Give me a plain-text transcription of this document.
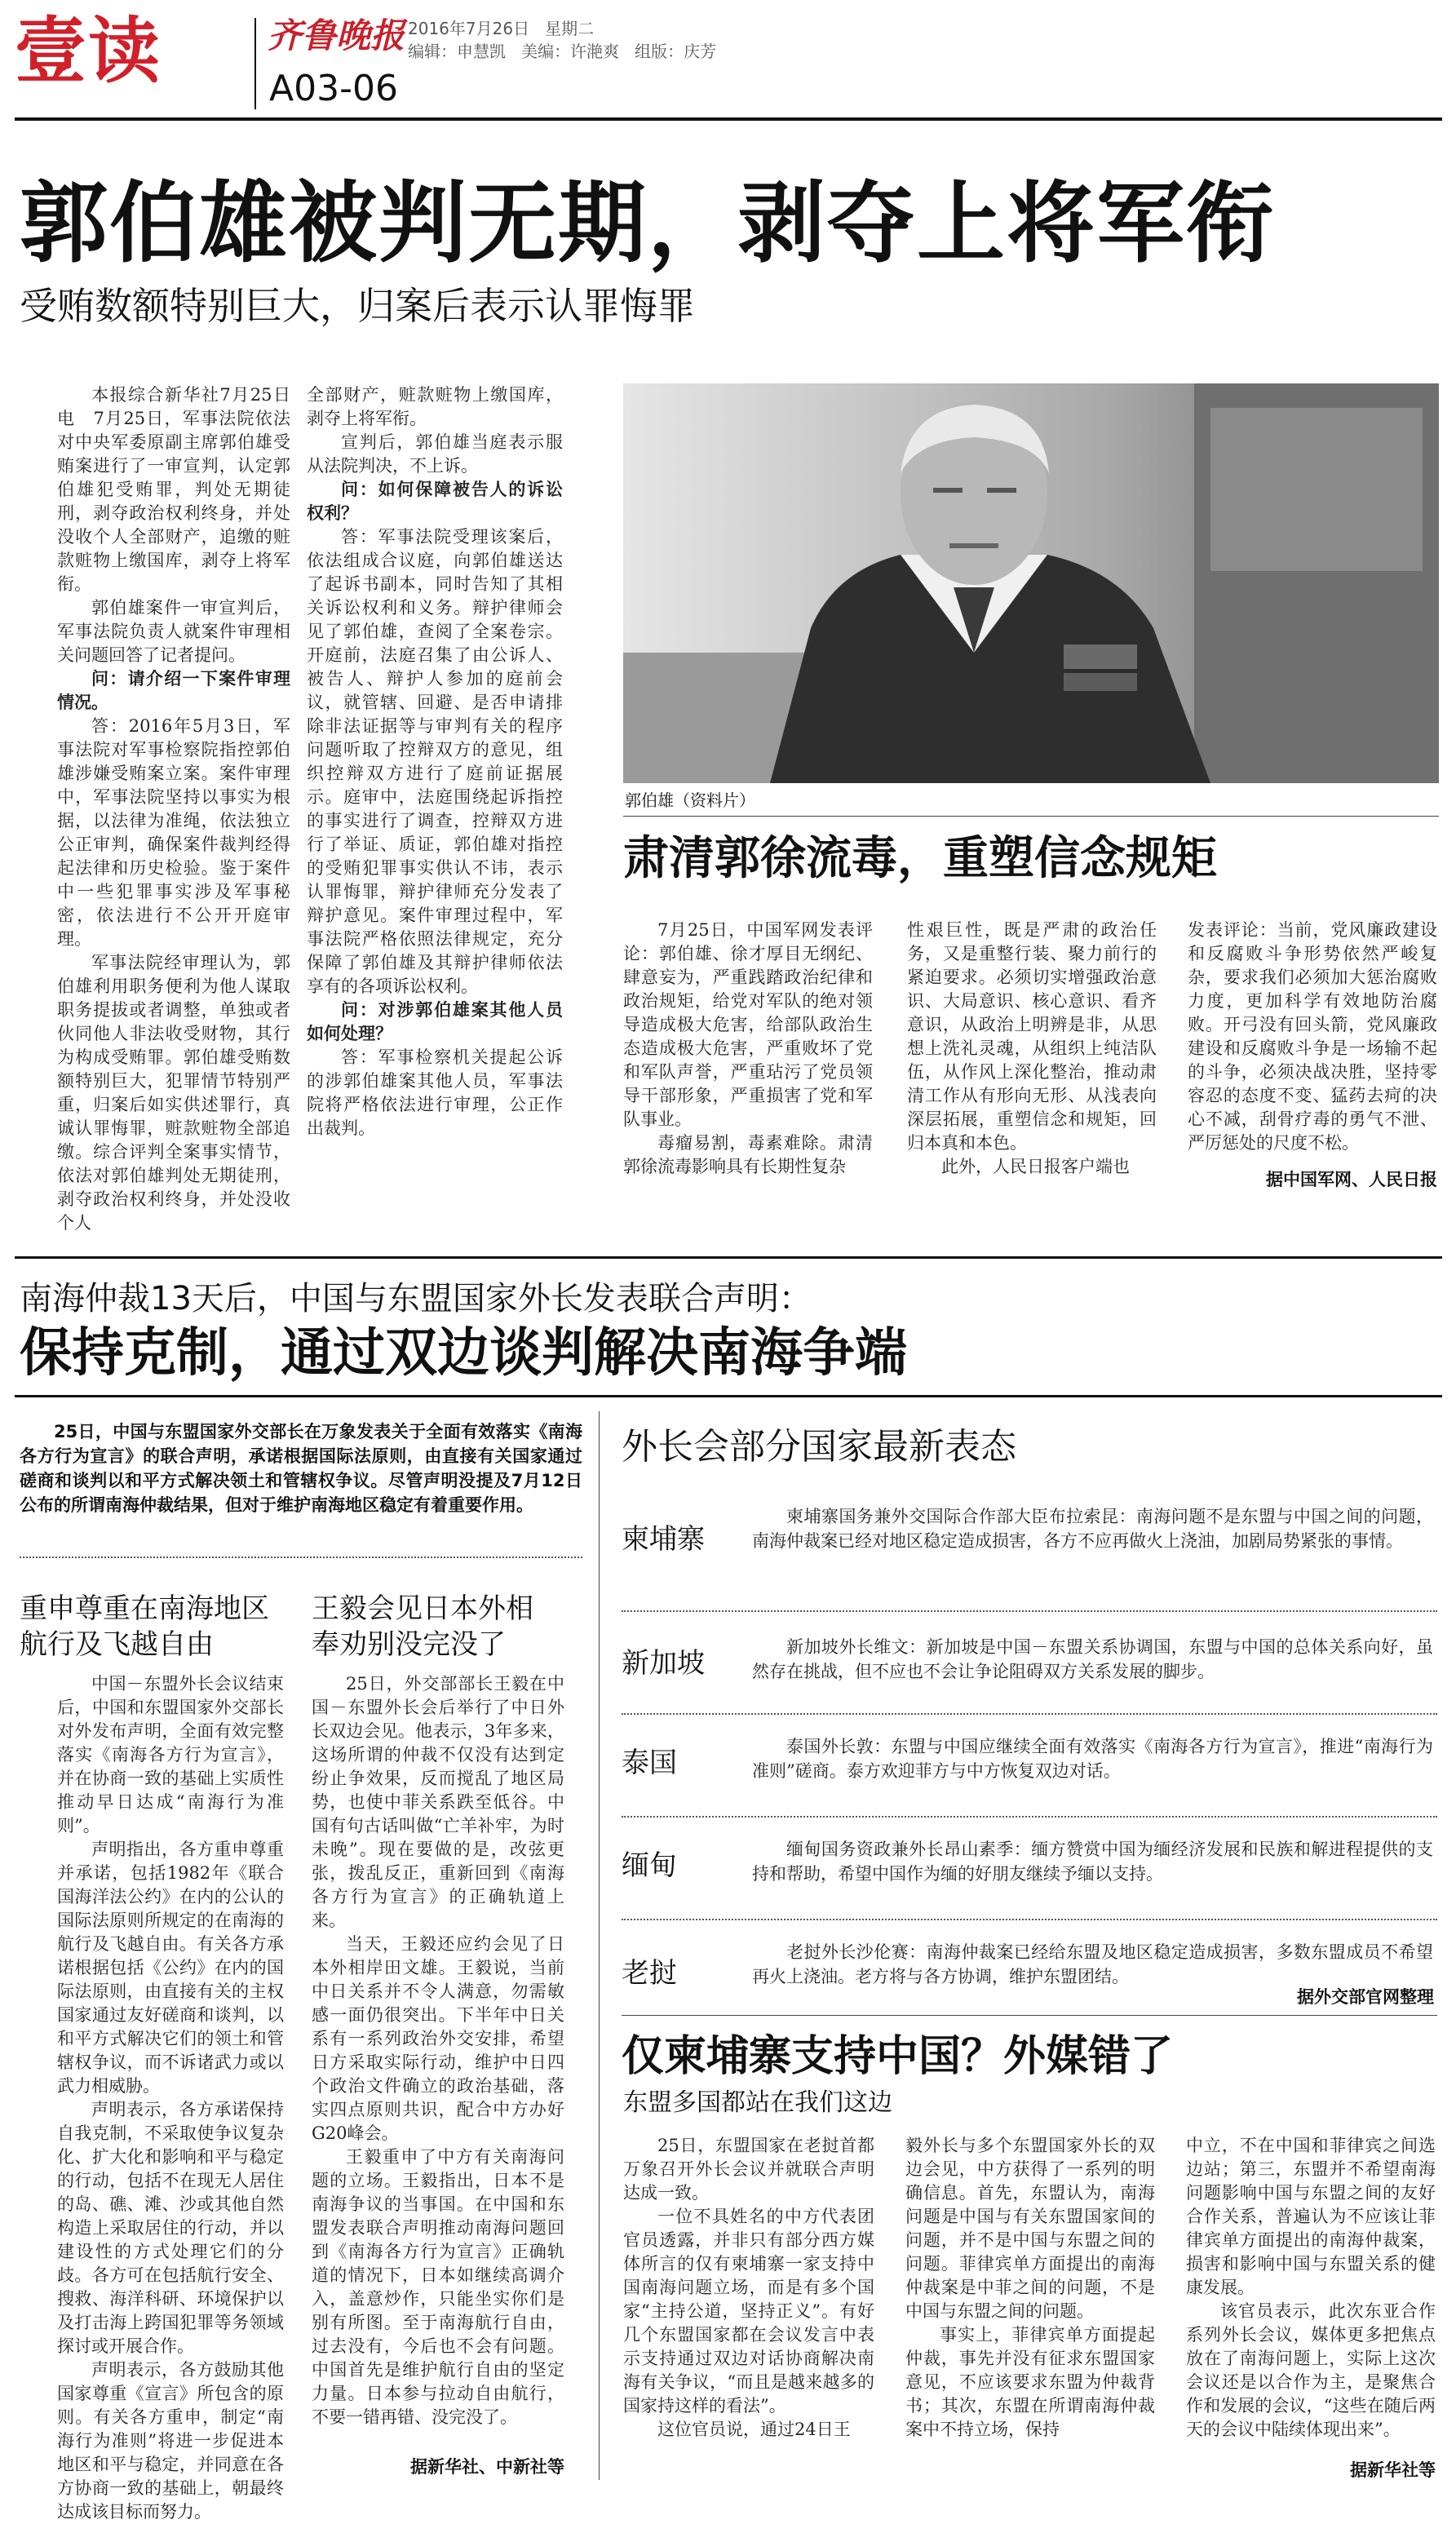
壹读	齐鲁晚报 2016年7月26日 星期二
编辑：申慧凯 美编：许滟爽 组版：庆芳
A03-06
郭伯雄被判无期，剥夺上将军衔
受贿数额特别巨大，归案后表示认罪悔罪

本报综合新华社7月25日电　7月25日，军事法院依法对中央军委原副主席郭伯雄受贿案进行了一审宣判，认定郭伯雄犯受贿罪，判处无期徒刑，剥夺政治权利终身，并处没收个人全部财产，追缴的赃款赃物上缴国库，剥夺上将军衔。

郭伯雄案件一审宣判后，军事法院负责人就案件审理相关问题回答了记者提问。

问：请介绍一下案件审理情况。

答：2016年5月3日，军事法院对军事检察院指控郭伯雄涉嫌受贿案立案。案件审理中，军事法院坚持以事实为根据，以法律为准绳，依法独立公正审判，确保案件裁判经得起法律和历史检验。鉴于案件中一些犯罪事实涉及军事秘密，依法进行不公开开庭审理。

军事法院经审理认为，郭伯雄利用职务便利为他人谋取职务提拔或者调整，单独或者伙同他人非法收受财物，其行为构成受贿罪。郭伯雄受贿数额特别巨大，犯罪情节特别严重，归案后如实供述罪行，真诚认罪悔罪，赃款赃物全部追缴。综合评判全案事实情节，依法对郭伯雄判处无期徒刑，剥夺政治权利终身，并处没收个人

全部财产，赃款赃物上缴国库，剥夺上将军衔。

宣判后，郭伯雄当庭表示服从法院判决，不上诉。

问：如何保障被告人的诉讼权利？

答：军事法院受理该案后，依法组成合议庭，向郭伯雄送达了起诉书副本，同时告知了其相关诉讼权利和义务。辩护律师会见了郭伯雄，查阅了全案卷宗。开庭前，法庭召集了由公诉人、被告人、辩护人参加的庭前会议，就管辖、回避、是否申请排除非法证据等与审判有关的程序问题听取了控辩双方的意见，组织控辩双方进行了庭前证据展示。庭审中，法庭围绕起诉指控的事实进行了调查，控辩双方进行了举证、质证，郭伯雄对指控的受贿犯罪事实供认不讳，表示认罪悔罪，辩护律师充分发表了辩护意见。案件审理过程中，军事法院严格依照法律规定，充分保障了郭伯雄及其辩护律师依法享有的各项诉讼权利。

问：对涉郭伯雄案其他人员如何处理？

答：军事检察机关提起公诉的涉郭伯雄案其他人员，军事法院将严格依法进行审理，公正作出裁判。

郭伯雄（资料片）
肃清郭徐流毒，重塑信念规矩

7月25日，中国军网发表评论：郭伯雄、徐才厚目无纲纪、肆意妄为，严重践踏政治纪律和政治规矩，给党对军队的绝对领导造成极大危害，给部队政治生态造成极大危害，严重败坏了党和军队声誉，严重玷污了党员领导干部形象，严重损害了党和军队事业。

毒瘤易割，毒素难除。肃清郭徐流毒影响具有长期性复杂

性艰巨性，既是严肃的政治任务，又是重整行装、聚力前行的紧迫要求。必须切实增强政治意识、大局意识、核心意识、看齐意识，从政治上明辨是非，从思想上洗礼灵魂，从组织上纯洁队伍，从作风上深化整治，推动肃清工作从有形向无形、从浅表向深层拓展，重塑信念和规矩，回归本真和本色。

此外，人民日报客户端也

发表评论：当前，党风廉政建设和反腐败斗争形势依然严峻复杂，要求我们必须加大惩治腐败力度，更加科学有效地防治腐败。开弓没有回头箭，党风廉政建设和反腐败斗争是一场输不起的斗争，必须决战决胜，坚持零容忍的态度不变、猛药去疴的决心不减，刮骨疗毒的勇气不泄、严厉惩处的尺度不松。

据中国军网、人民日报
南海仲裁13天后，中国与东盟国家外长发表联合声明：
保持克制，通过双边谈判解决南海争端
25日，中国与东盟国家外交部长在万象发表关于全面有效落实《南海各方行为宣言》的联合声明，承诺根据国际法原则，由直接有关国家通过磋商和谈判以和平方式解决领土和管辖权争议。尽管声明没提及7月12日公布的所谓南海仲裁结果，但对于维护南海地区稳定有着重要作用。
重申尊重在南海地区航行及飞越自由

中国－东盟外长会议结束后，中国和东盟国家外交部长对外发布声明，全面有效完整落实《南海各方行为宣言》，并在协商一致的基础上实质性推动早日达成“南海行为准则”。

声明指出，各方重申尊重并承诺，包括1982年《联合国海洋法公约》在内的公认的国际法原则所规定的在南海的航行及飞越自由。有关各方承诺根据包括《公约》在内的国际法原则，由直接有关的主权国家通过友好磋商和谈判，以和平方式解决它们的领土和管辖权争议，而不诉诸武力或以武力相威胁。

声明表示，各方承诺保持自我克制，不采取使争议复杂化、扩大化和影响和平与稳定的行动，包括不在现无人居住的岛、礁、滩、沙或其他自然构造上采取居住的行动，并以建设性的方式处理它们的分歧。各方可在包括航行安全、搜救、海洋科研、环境保护以及打击海上跨国犯罪等务领域探讨或开展合作。

声明表示，各方鼓励其他国家尊重《宣言》所包含的原则。有关各方重申，制定“南海行为准则”将进一步促进本地区和平与稳定，并同意在各方协商一致的基础上，朝最终达成该目标而努力。

王毅会见日本外相奉劝别没完没了

25日，外交部部长王毅在中国－东盟外长会后举行了中日外长双边会见。他表示，3年多来，这场所谓的仲裁不仅没有达到定纷止争效果，反而搅乱了地区局势，也使中菲关系跌至低谷。中国有句古话叫做“亡羊补牢，为时未晚”。现在要做的是，改弦更张，拨乱反正，重新回到《南海各方行为宣言》的正确轨道上来。

当天，王毅还应约会见了日本外相岸田文雄。王毅说，当前中日关系并不令人满意，勿需敏感一面仍很突出。下半年中日关系有一系列政治外交安排，希望日方采取实际行动，维护中日四个政治文件确立的政治基础，落实四点原则共识，配合中方办好G20峰会。

王毅重申了中方有关南海问题的立场。王毅指出，日本不是南海争议的当事国。在中国和东盟发表联合声明推动南海问题回到《南海各方行为宣言》正确轨道的情况下，日本如继续高调介入，盖意炒作，只能坐实你们是别有所图。至于南海航行自由，过去没有，今后也不会有问题。中国首先是维护航行自由的坚定力量。日本参与拉动自由航行，不要一错再错、没完没了。

据新华社、中新社等
外长会部分国家最新表态
柬埔寨
柬埔寨国务兼外交国际合作部大臣布拉索昆：南海问题不是东盟与中国之间的问题，南海仲裁案已经对地区稳定造成损害，各方不应再做火上浇油，加剧局势紧张的事情。
新加坡	新加坡外长维文：新加坡是中国－东盟关系协调国，东盟与中国的总体关系向好，虽然存在挑战，但不应也不会让争论阻碍双方关系发展的脚步。
泰国	泰国外长敦：东盟与中国应继续全面有效落实《南海各方行为宣言》，推进“南海行为准则”磋商。泰方欢迎菲方与中方恢复双边对话。
缅甸	缅甸国务资政兼外长昂山素季：缅方赞赏中国为缅经济发展和民族和解进程提供的支持和帮助，希望中国作为缅的好朋友继续予缅以支持。
老挝
老挝外长沙伦赛：南海仲裁案已经给东盟及地区稳定造成损害，多数东盟成员不希望再火上浇油。老方将与各方协调，维护东盟团结。
据外交部官网整理
仅柬埔寨支持中国？外媒错了
东盟多国都站在我们这边

25日，东盟国家在老挝首都万象召开外长会议并就联合声明达成一致。

一位不具姓名的中方代表团官员透露，并非只有部分西方媒体所言的仅有柬埔寨一家支持中国南海问题立场，而是有多个国家“主持公道，坚持正义”。有好几个东盟国家都在会议发言中表示支持通过双边对话协商解决南海有关争议，“而且是越来越多的国家持这样的看法”。

这位官员说，通过24日王

毅外长与多个东盟国家外长的双边会见，中方获得了一系列的明确信息。首先，东盟认为，南海问题是中国与有关东盟国家间的问题，并不是中国与东盟之间的问题。菲律宾单方面提出的南海仲裁案是中菲之间的问题，不是中国与东盟之间的问题。

事实上，菲律宾单方面提起仲裁，事先并没有征求东盟国家意见，不应该要求东盟为仲裁背书；其次，东盟在所谓南海仲裁案中不持立场，保持

中立，不在中国和菲律宾之间选边站；第三，东盟并不希望南海问题影响中国与东盟之间的友好合作关系，普遍认为不应该让菲律宾单方面提出的南海仲裁案，损害和影响中国与东盟关系的健康发展。

该官员表示，此次东亚合作系列外长会议，媒体更多把焦点放在了南海问题上，实际上这次会议还是以合作为主，是聚焦合作和发展的会议，“这些在随后两天的会议中陆续体现出来”。

据新华社等
